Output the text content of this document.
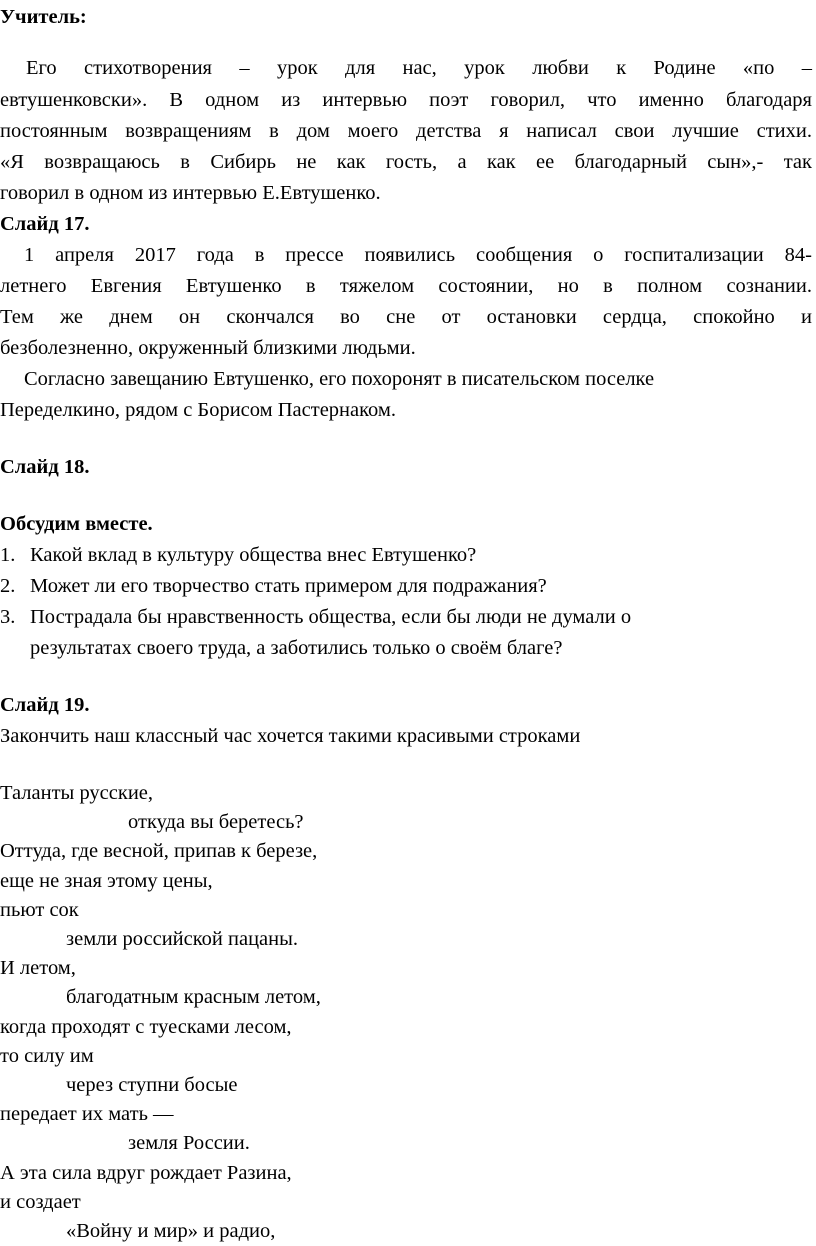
Учитель:
Его стихотворения – урок для нас, урок любви к Родине «по –
евтушенковски». В одном из интервью поэт говорил, что именно благодаря
постоянным возвращениям в дом моего детства я написал свои лучшие стихи.
«Я возвращаюсь в Сибирь не как гость, а как ее благодарный сын»,- так
говорил в одном из интервью Е.Евтушенко.
Слайд 17.
1 апреля 2017 года в прессе появились сообщения о госпитализации 84-
летнего Евгения Евтушенко в тяжелом состоянии, но в полном сознании.
Тем же днем он скончался во сне от остановки сердца, спокойно и
безболезненно, окруженный близкими людьми.
Согласно завещанию Евтушенко, его похоронят в писательском поселке
Переделкино, рядом с Борисом Пастернаком.
Слайд 18.
Обсудим вместе.
1. Какой вклад в культуру общества внес Евтушенко?
2. Может ли его творчество стать примером для подражания?
3. Пострадала бы нравственность общества, если бы люди не думали о
результатах своего труда, а заботились только о своём благе?
Слайд 19.
Закончить наш классный час хочется такими красивыми строками
Таланты русские,
откуда вы беретесь?
Оттуда, где весной, припав к березе,
еще не зная этому цены,
пьют сок
земли российской пацаны.
И летом,
благодатным красным летом,
когда проходят с туесками лесом,
то силу им
через ступни босые
передает их мать —
земля России.
А эта сила вдруг рождает Разина,
и создает
«Войну и мир» и радио,
